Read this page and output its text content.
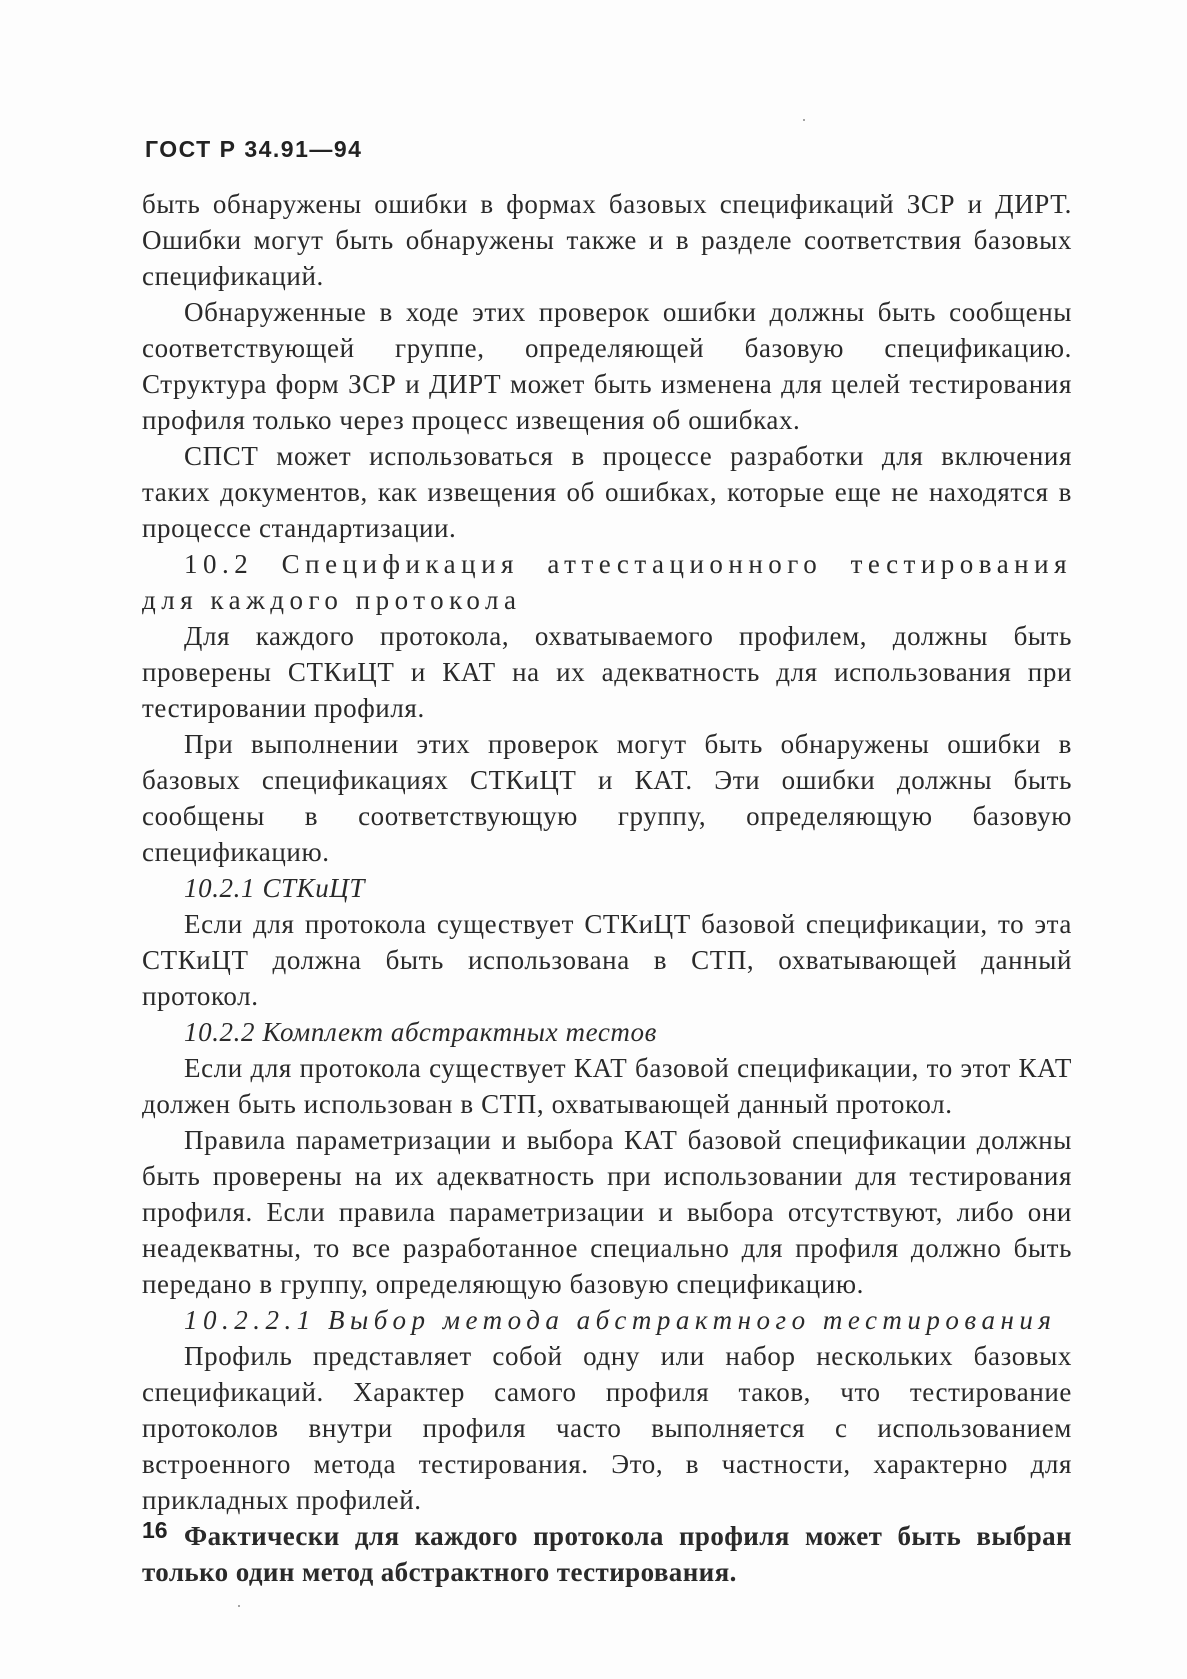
ГОСТ Р 34.91—94

быть обнаружены ошибки в формах базовых спецификаций ЗСР и ДИРТ. Ошибки могут быть обнаружены также и в разделе соответствия базовых спецификаций.

Обнаруженные в ходе этих проверок ошибки должны быть сообщены соответствующей группе, определяющей базовую спецификацию. Структура форм ЗСР и ДИРТ может быть изменена для целей тестирования профиля только через процесс извещения об ошибках.

СПСТ может использоваться в процессе разработки для включения таких документов, как извещения об ошибках, которые еще не находятся в процессе стандартизации.

10.2 Спецификация аттестационного тестирования для каждого протокола

Для каждого протокола, охватываемого профилем, должны быть проверены СТКиЦТ и КАТ на их адекватность для использования при тестировании профиля.

При выполнении этих проверок могут быть обнаружены ошибки в базовых спецификациях СТКиЦТ и КАТ. Эти ошибки должны быть сообщены в соответствующую группу, определяющую базовую спецификацию.

10.2.1 СТКиЦТ

Если для протокола существует СТКиЦТ базовой спецификации, то эта СТКиЦТ должна быть использована в СТП, охватывающей данный протокол.

10.2.2 Комплект абстрактных тестов

Если для протокола существует КАТ базовой спецификации, то этот КАТ должен быть использован в СТП, охватывающей данный протокол.

Правила параметризации и выбора КАТ базовой спецификации должны быть проверены на их адекватность при использовании для тестирования профиля. Если правила параметризации и выбора отсутствуют, либо они неадекватны, то все разработанное специально для профиля должно быть передано в группу, определяющую базовую спецификацию.

10.2.2.1 Выбор метода абстрактного тестирования

Профиль представляет собой одну или набор нескольких базовых спецификаций. Характер самого профиля таков, что тестирование протоколов внутри профиля часто выполняется с использованием встроенного метода тестирования. Это, в частности, характерно для прикладных профилей.

Фактически для каждого протокола профиля может быть выбран только один метод абстрактного тестирования.

16
